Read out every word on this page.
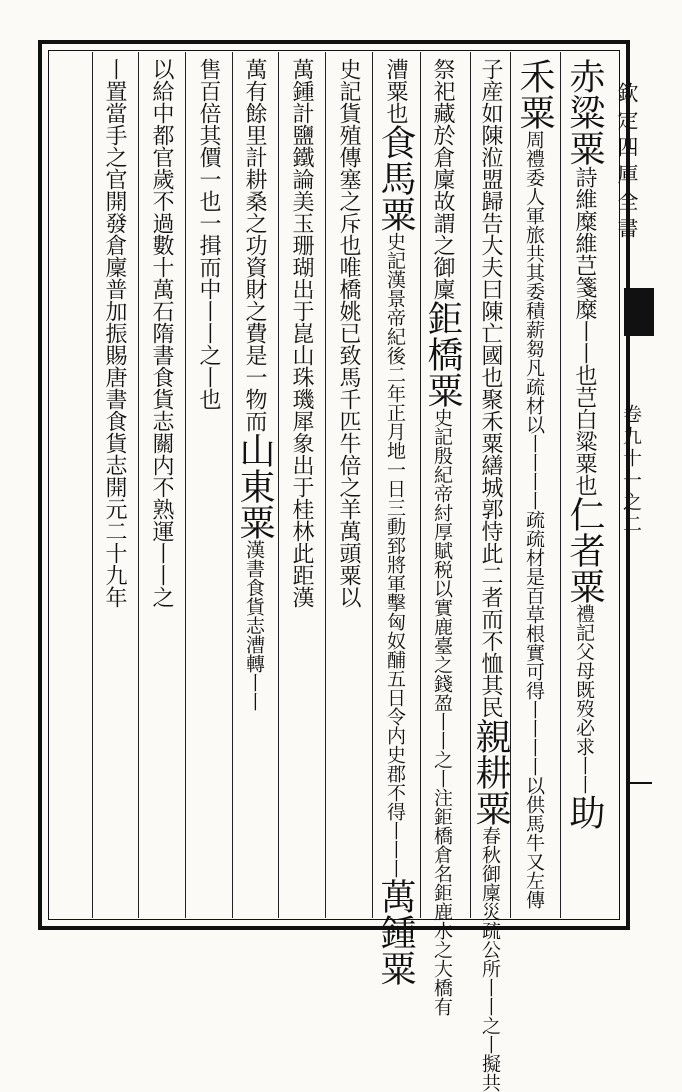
欽定四庫全書
卷九十一之二
赤粱粟詩維糜維芑箋糜丨丨也芑白粱粟也仁者粟禮記父母既歿必求丨丨助
禾粟周禮委人軍旅共其委積薪芻凡疏材以丨丨丨丨疏疏材是百草根實可得丨丨丨丨以供馬牛又左傳
子産如陳涖盟歸告大夫曰陳亡國也聚禾粟繕城郭恃此二者而不恤其民親耕粟春秋御廩災疏公所丨丨之丨擬共
祭祀藏於倉廩故謂之御廩鉅橋粟史記殷紀帝紂厚賦税以實鹿臺之錢盈丨丨之丨注鉅橋倉名鉅鹿水之大橋有
漕粟也食馬粟史記漢景帝紀後二年正月地一日三動郅將軍擊匈奴酺五日令内史郡不得丨丨丨萬鍾粟
史記貨殖傳塞之斥也唯橋姚已致馬千匹牛倍之羊萬頭粟以
萬鍾計鹽鐵論美玉珊瑚出于崑山珠璣犀象出于桂林此距漢
萬有餘里計耕桑之功資財之費是一物而山東粟漢書食貨志漕轉丨丨
售百倍其價一也一揖而中丨丨之丨也
以給中都官歲不過數十萬石隋書食貨志關内不熟運丨丨之
丨置當手之官開發倉廩普加振賜唐書食貨志開元二十九年
